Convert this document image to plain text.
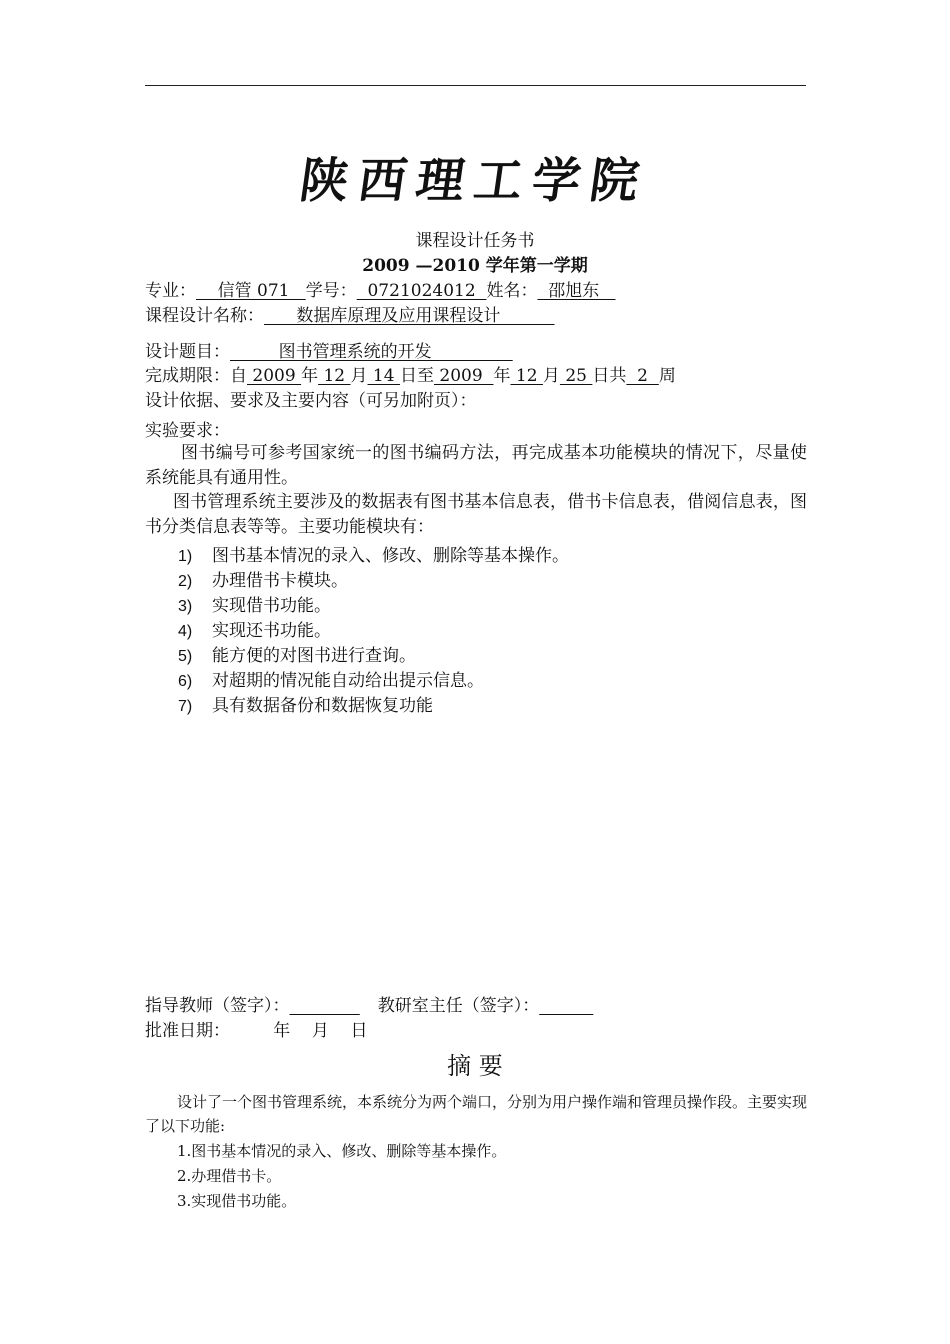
陕西理工学院
课程设计任务书
2009 —2010 学年第一学期
专业：    信管 071   学号：  0721024012  姓名：  邵旭东
课程设计名称：      数据库原理及应用课程设计
设计题目：         图书管理系统的开发
完成期限：自 2009 年 12 月 14 日至 2009  年 12 月 25 日共  2  周
设计依据、要求及主要内容（可另加附页）：
实验要求：
图书编号可参考国家统一的图书编码方法，再完成基本功能模块的情况下，尽量使系统能具有通用性。
图书管理系统主要涉及的数据表有图书基本信息表，借书卡信息表，借阅信息表，图书分类信息表等等。主要功能模块有：
1) 图书基本情况的录入、修改、删除等基本操作。
2) 办理借书卡模块。
3) 实现借书功能。
4) 实现还书功能。
5) 能方便的对图书进行查询。
6) 对超期的情况能自动给出提示信息。
7) 具有数据备份和数据恢复功能
指导教师（签字）：	教研室主任（签字）：
批准日期：        年    月    日
摘 要
设计了一个图书管理系统，本系统分为两个端口，分别为用户操作端和管理员操作段。主要实现了以下功能:
1.图书基本情况的录入、修改、删除等基本操作。
2.办理借书卡。
3.实现借书功能。
